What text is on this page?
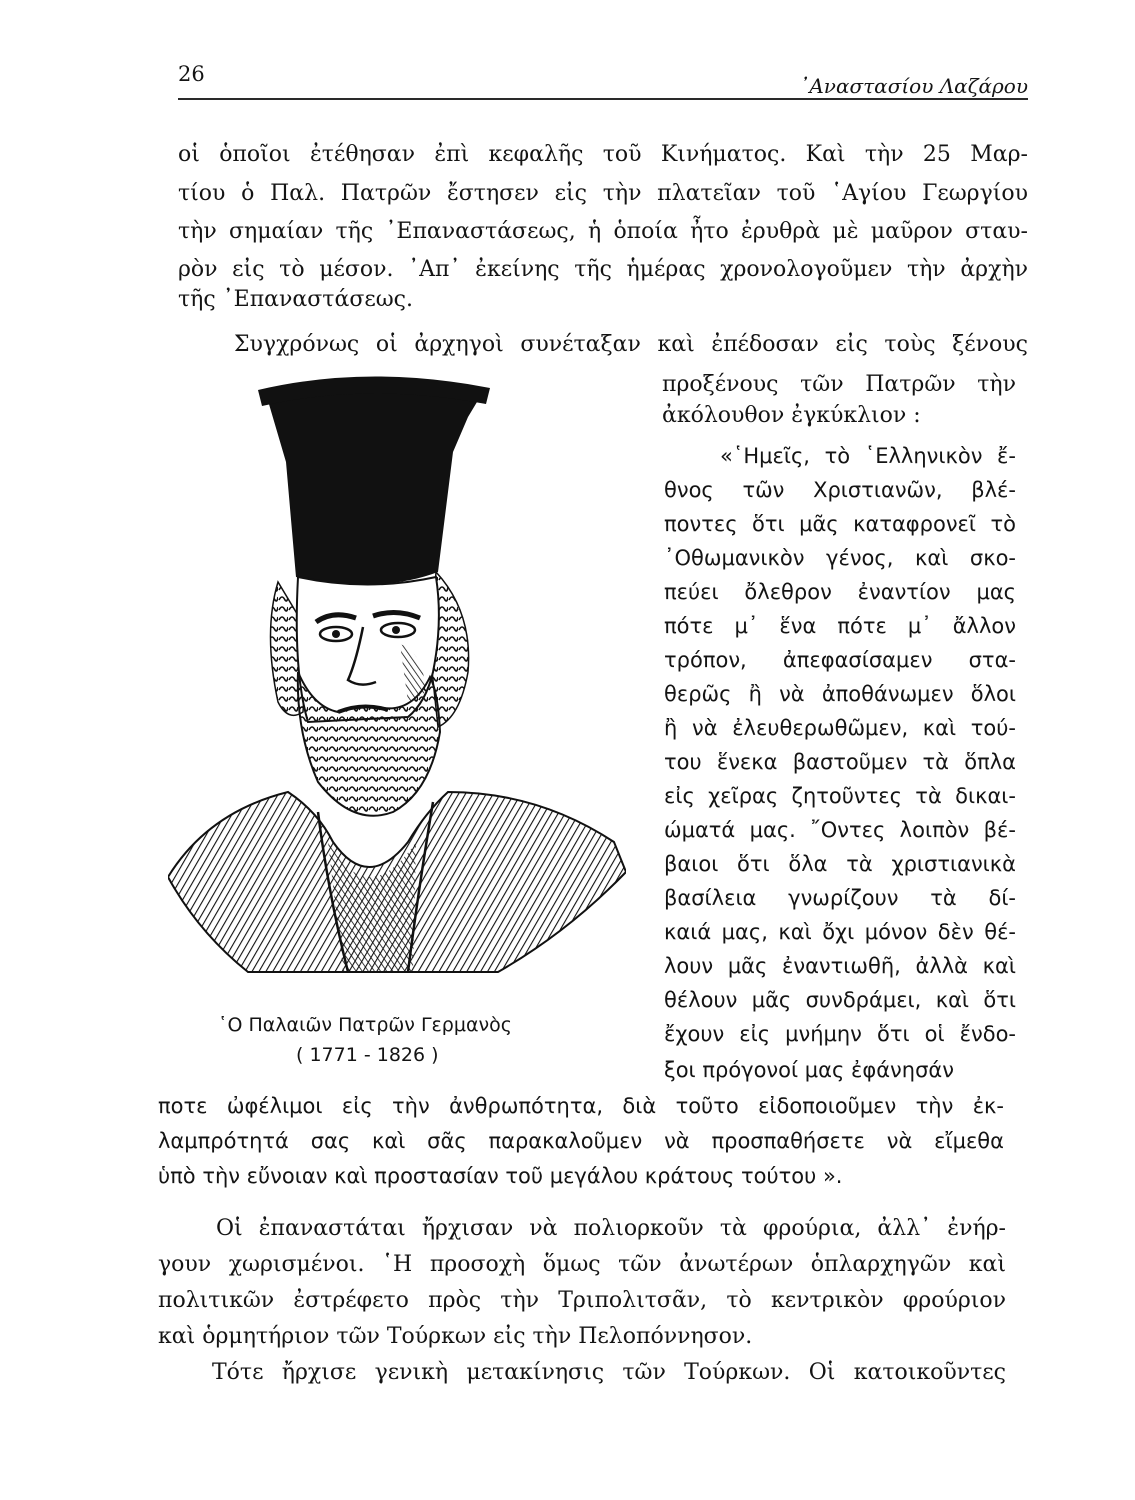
26	᾿Αναστασίου Λαζάρου
οἱ ὁποῖοι ἐτέθησαν ἐπὶ κεφαλῆς τοῦ Κινήματος. Καὶ τὴν 25 Μαρ-
τίου ὁ Παλ. Πατρῶν ἔστησεν εἰς τὴν πλατεῖαν τοῦ ῾Αγίου Γεωργίου
τὴν σημαίαν τῆς ᾿Επαναστάσεως, ἡ ὁποία ἦτο ἐρυθρὰ μὲ μαῦρον σταυ-
ρὸν εἰς τὸ μέσον. ᾿Απ᾿ ἐκείνης τῆς ἡμέρας χρονολογοῦμεν τὴν ἀρχὴν
τῆς ᾿Επαναστάσεως.
Συγχρόνως οἱ ἀρχηγοὶ συνέταξαν καὶ ἐπέδοσαν εἰς τοὺς ξένους
προξένους τῶν Πατρῶν τὴν
ἀκόλουθον ἐγκύκλιον :
«῾Ημεῖς, τὸ ῾Ελληνικὸν ἔ-
θνος τῶν Χριστιανῶν, βλέ-
ποντες ὅτι μᾶς καταφρονεῖ τὸ
᾿Οθωμανικὸν γένος, καὶ σκο-
πεύει ὄλεθρον ἐναντίον μας
πότε μ᾿ ἕνα πότε μ᾿ ἄλλον
τρόπον, ἀπεφασίσαμεν στα-
θερῶς ἢ νὰ ἀποθάνωμεν ὅλοι
ἢ νὰ ἐλευθερωθῶμεν, καὶ τού-
του ἕνεκα βαστοῦμεν τὰ ὅπλα
εἰς χεῖρας ζητοῦντες τὰ δικαι-
ώματά μας. ῎Οντες λοιπὸν βέ-
βαιοι ὅτι ὅλα τὰ χριστιανικὰ
βασίλεια γνωρίζουν τὰ δί-
καιά μας, καὶ ὄχι μόνον δὲν θέ-
λουν μᾶς ἐναντιωθῆ, ἀλλὰ καὶ
θέλουν μᾶς συνδράμει, καὶ ὅτι
ἔχουν εἰς μνήμην ὅτι οἱ ἔνδο-
ξοι πρόγονοί μας ἐφάνησάν
ποτε ὠφέλιμοι εἰς τὴν ἀνθρωπότητα, διὰ τοῦτο εἰδοποιοῦμεν τὴν ἐκ-
λαμπρότητά σας καὶ σᾶς παρακαλοῦμεν νὰ προσπαθήσετε νὰ εἴμεθα
ὑπὸ τὴν εὔνοιαν καὶ προστασίαν τοῦ μεγάλου κράτους τούτου ».
Οἱ ἐπαναστάται ἤρχισαν νὰ πολιορκοῦν τὰ φρούρια, ἀλλ᾿ ἐνήρ-
γουν χωρισμένοι. ῾Η προσοχὴ ὅμως τῶν ἀνωτέρων ὁπλαρχηγῶν καὶ
πολιτικῶν ἐστρέφετο πρὸς τὴν Τριπολιτσᾶν, τὸ κεντρικὸν φρούριον
καὶ ὁρμητήριον τῶν Τούρκων εἰς τὴν Πελοπόννησον.
Τότε ἤρχισε γενικὴ μετακίνησις τῶν Τούρκων. Οἱ κατοικοῦντες
῾Ο Παλαιῶν Πατρῶν Γερμανὸς
( 1771 - 1826 )
